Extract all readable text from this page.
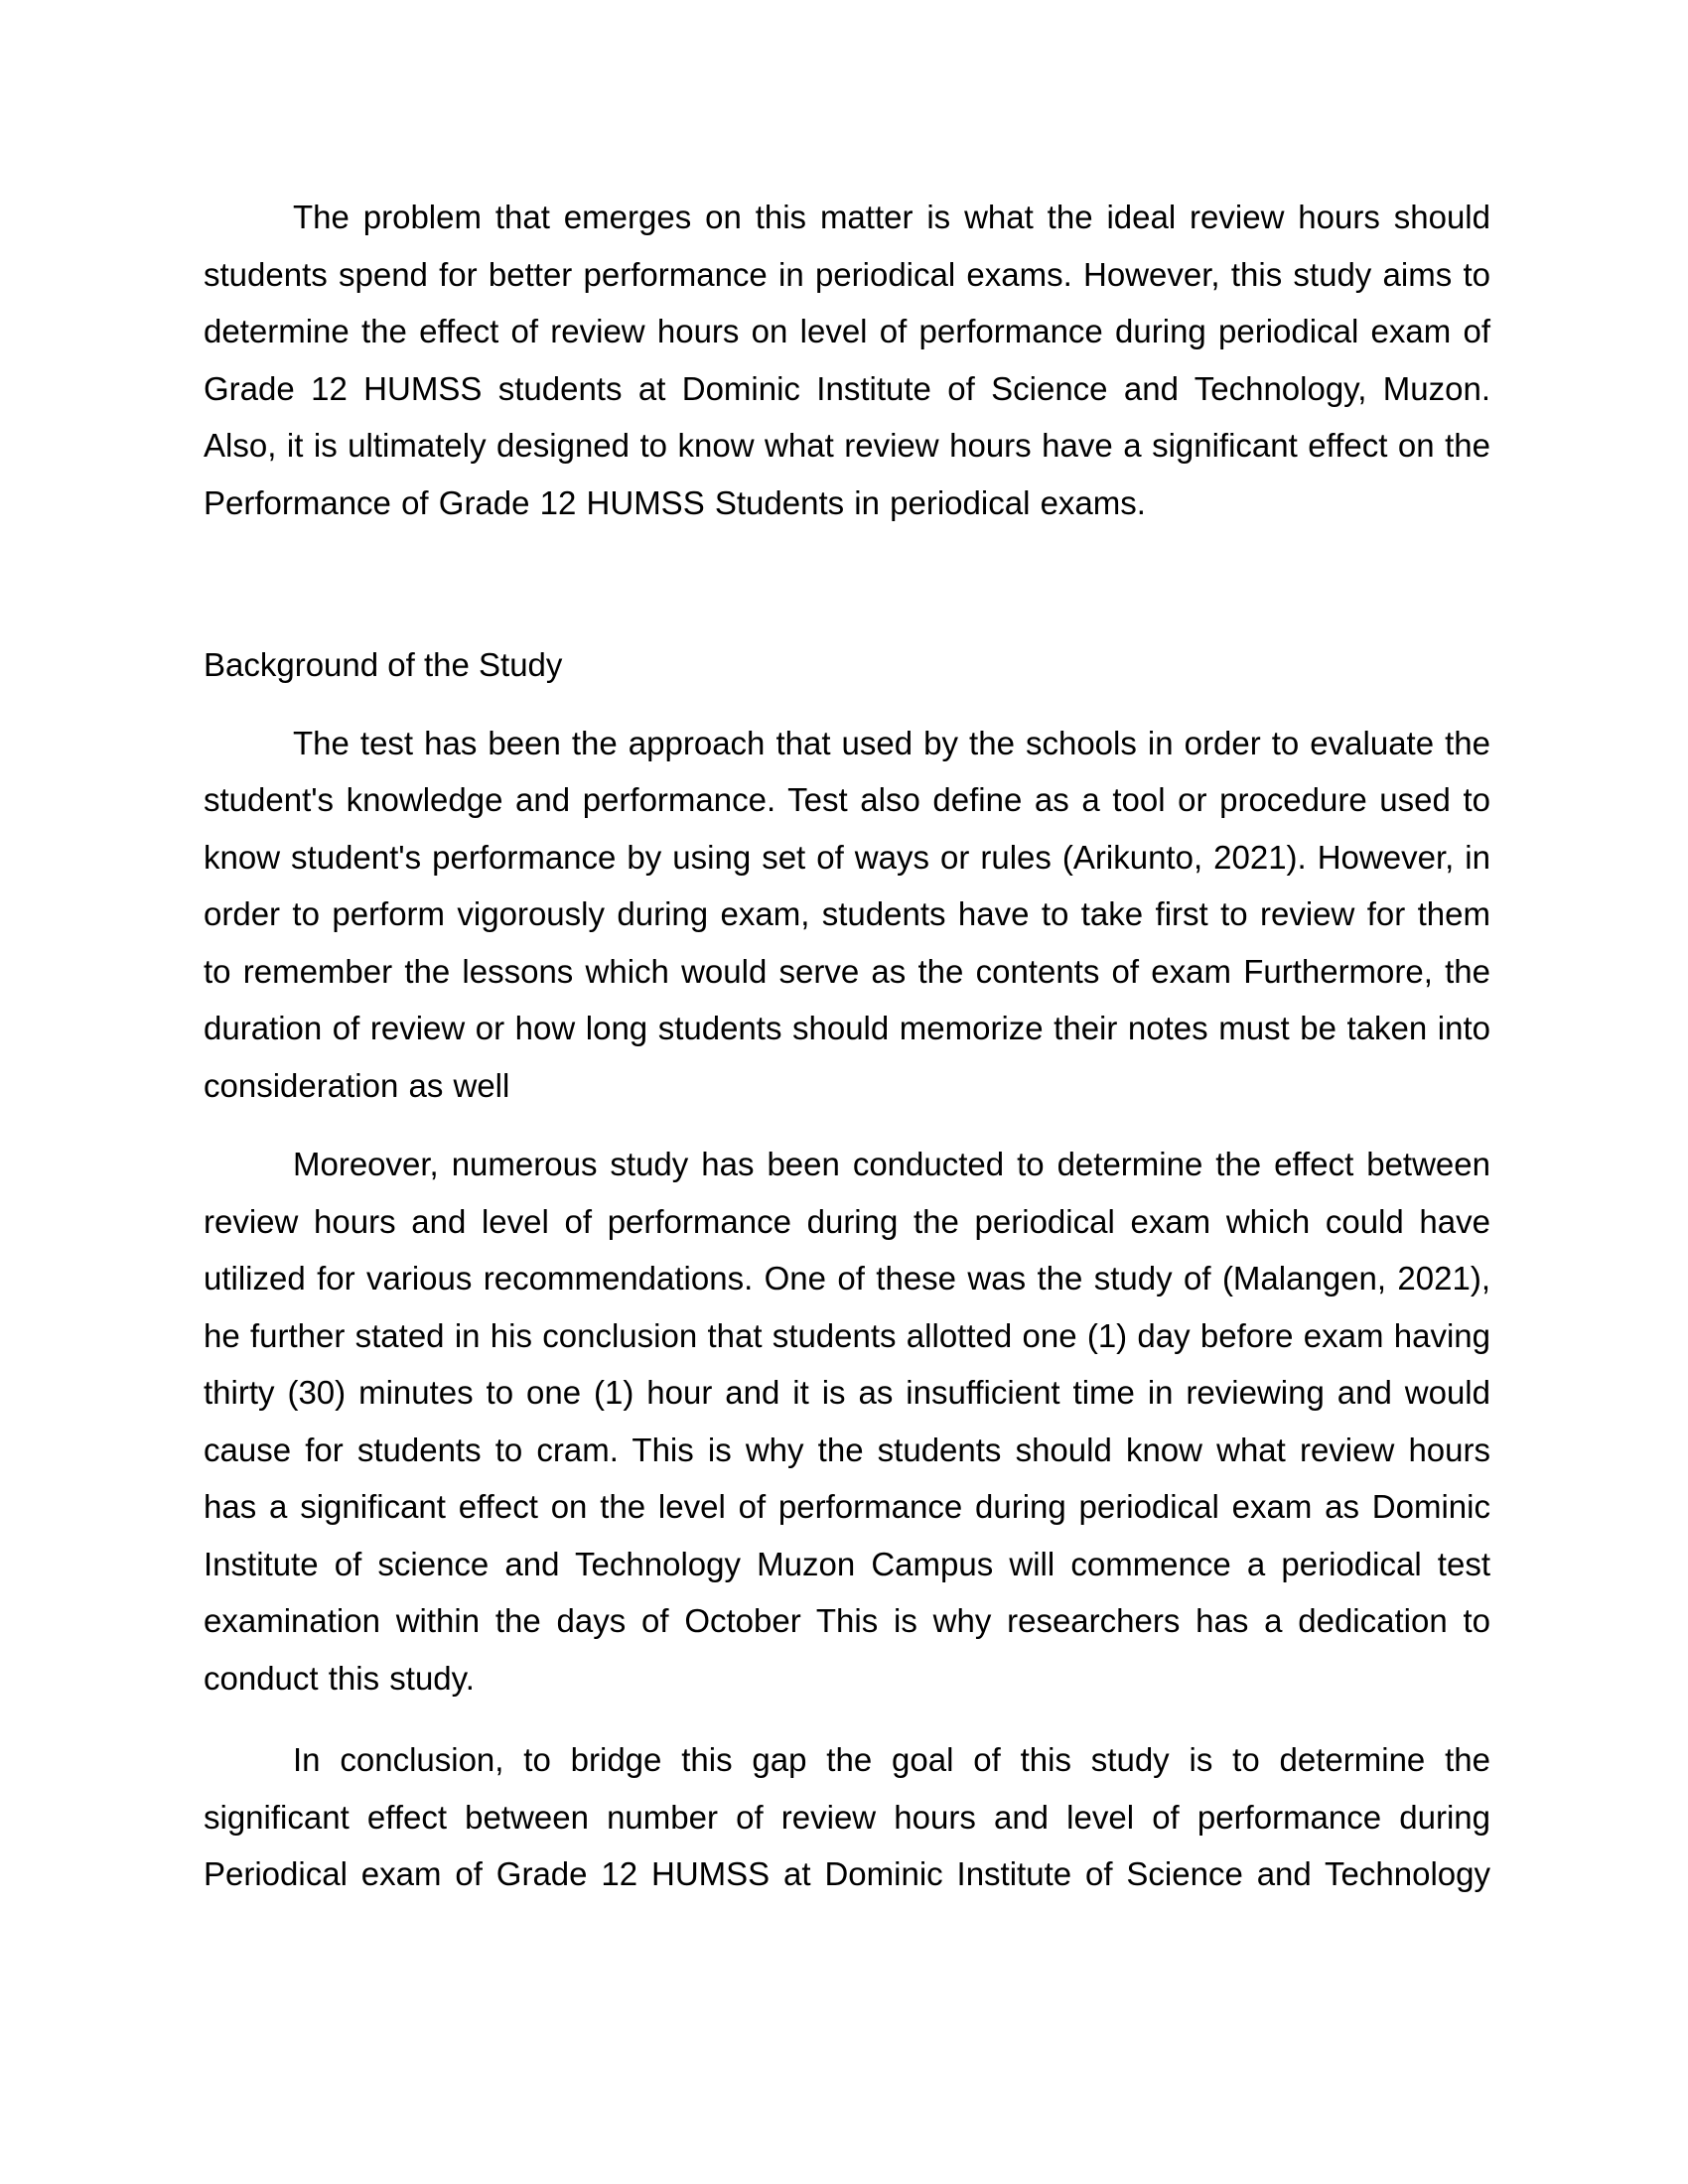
The problem that emerges on this matter is what the ideal review hours should students spend for better performance in periodical exams. However, this study aims to determine the effect of review hours on level of performance during periodical exam of Grade 12 HUMSS students at Dominic Institute of Science and Technology, Muzon. Also, it is ultimately designed to know what review hours have a significant effect on the Performance of Grade 12 HUMSS Students in periodical exams.

Background of the Study

The test has been the approach that used by the schools in order to evaluate the student's knowledge and performance. Test also define as a tool or procedure used to know student's performance by using set of ways or rules (Arikunto, 2021). However, in order to perform vigorously during exam, students have to take first to review for them to remember the lessons which would serve as the contents of exam Furthermore, the duration of review or how long students should memorize their notes must be taken into consideration as well

Moreover, numerous study has been conducted to determine the effect between review hours and level of performance during the periodical exam which could have utilized for various recommendations. One of these was the study of (Malangen, 2021), he further stated in his conclusion that students allotted one (1) day before exam having thirty (30) minutes to one (1) hour and it is as insufficient time in reviewing and would cause for students to cram. This is why the students should know what review hours has a significant effect on the level of performance during periodical exam as Dominic Institute of science and Technology Muzon Campus will commence a periodical test examination within the days of October This is why researchers has a dedication to conduct this study.

In conclusion, to bridge this gap the goal of this study is to determine the significant effect between number of review hours and level of performance during Periodical exam of Grade 12 HUMSS at Dominic Institute of Science and Technology
